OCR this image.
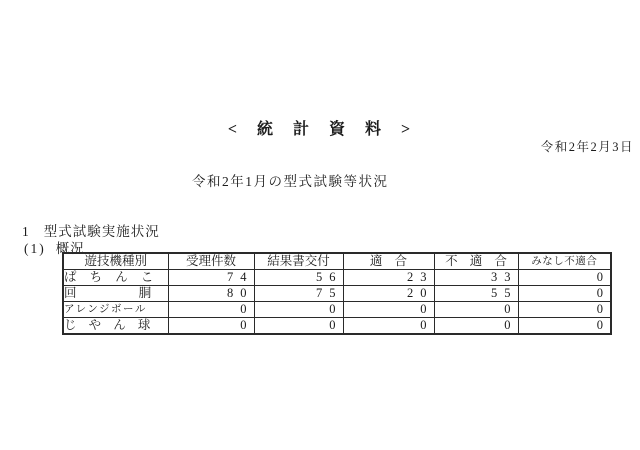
<　統　計　資　料　>
令和2年2月3日
令和2年1月の型式試験等状況
1 型式試験実施状況
(1) 概況
遊技機種別	受理件数	結果書交付	適 合	不 適 合	みなし不適合
ぱ ち ん こ	74	56	23	33	0
回 胴	80	75	20	55	0
アレンジボール	0	0	0	0	0
じ や ん 球	0	0	0	0	0
